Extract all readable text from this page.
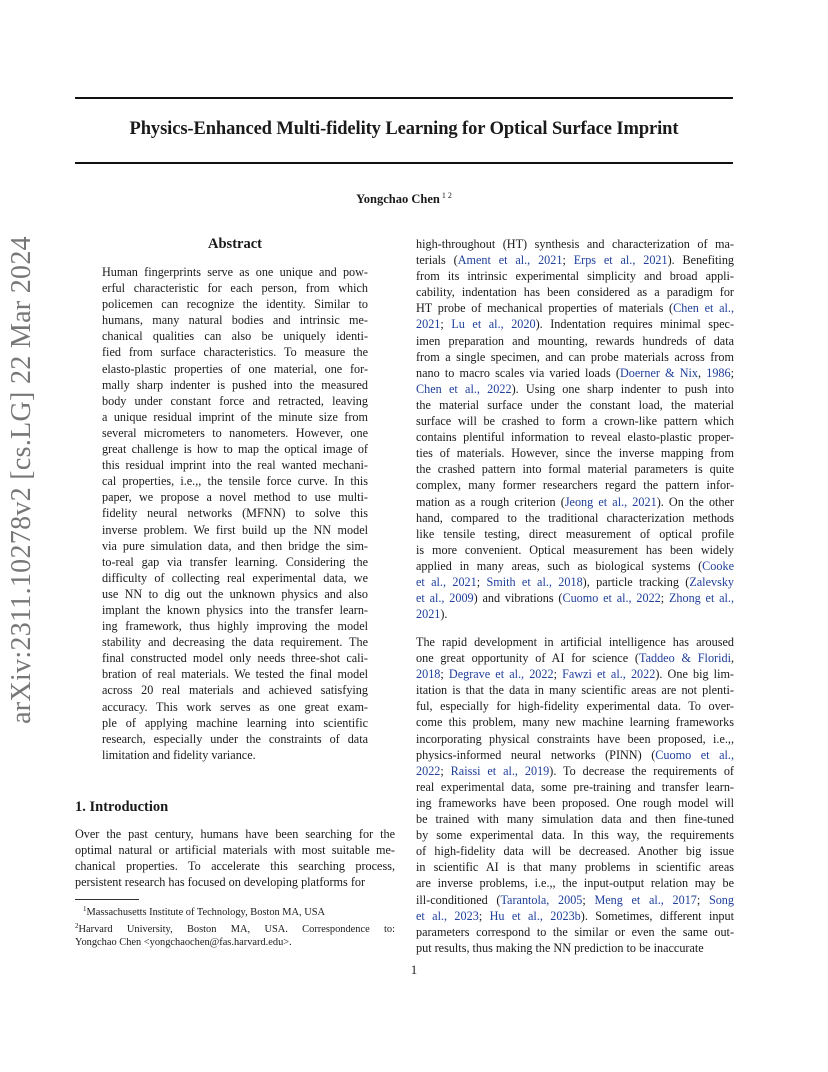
Physics-Enhanced Multi-fidelity Learning for Optical Surface Imprint
Yongchao Chen $^{1 2}$
arXiv:2311.10278v2 [cs.LG] 22 Mar 2024	Abstract
Human fingerprints serve as one unique and pow-
erful characteristic for each person, from which
policemen can recognize the identity. Similar to
humans, many natural bodies and intrinsic me-
chanical qualities can also be uniquely identi-
fied from surface characteristics. To measure the
elasto-plastic properties of one material, one for-
mally sharp indenter is pushed into the measured
body under constant force and retracted, leaving
a unique residual imprint of the minute size from
several micrometers to nanometers. However, one
great challenge is how to map the optical image of
this residual imprint into the real wanted mechani-
cal properties, i.e.,, the tensile force curve. In this
paper, we propose a novel method to use multi-
fidelity neural networks (MFNN) to solve this
inverse problem. We first build up the NN model
via pure simulation data, and then bridge the sim-
to-real gap via transfer learning. Considering the
difficulty of collecting real experimental data, we
use NN to dig out the unknown physics and also
implant the known physics into the transfer learn-
ing framework, thus highly improving the model
stability and decreasing the data requirement. The
final constructed model only needs three-shot cali-
bration of real materials. We tested the final model
across 20 real materials and achieved satisfying
accuracy. This work serves as one great exam-
ple of applying machine learning into scientific
research, especially under the constraints of data
limitation and fidelity variance.
1. Introduction
Over the past century, humans have been searching for the
optimal natural or artificial materials with most suitable me-
chanical properties. To accelerate this searching process,
persistent research has focused on developing platforms for
$^1$Massachusetts Institute of Technology, Boston MA, USA
$^2$Harvard University, Boston MA, USA. Correspondence to:
Yongchao Chen <yongchaochen@fas.harvard.edu>.
high-throughout (HT) synthesis and characterization of ma-
terials (Ament et al., 2021; Erps et al., 2021). Benefiting
from its intrinsic experimental simplicity and broad appli-
cability, indentation has been considered as a paradigm for
HT probe of mechanical properties of materials (Chen et al.,
2021; Lu et al., 2020). Indentation requires minimal spec-
imen preparation and mounting, rewards hundreds of data
from a single specimen, and can probe materials across from
nano to macro scales via varied loads (Doerner & Nix, 1986;
Chen et al., 2022). Using one sharp indenter to push into
the material surface under the constant load, the material
surface will be crashed to form a crown-like pattern which
contains plentiful information to reveal elasto-plastic proper-
ties of materials. However, since the inverse mapping from
the crashed pattern into formal material parameters is quite
complex, many former researchers regard the pattern infor-
mation as a rough criterion (Jeong et al., 2021). On the other
hand, compared to the traditional characterization methods
like tensile testing, direct measurement of optical profile
is more convenient. Optical measurement has been widely
applied in many areas, such as biological systems (Cooke
et al., 2021; Smith et al., 2018), particle tracking (Zalevsky
et al., 2009) and vibrations (Cuomo et al., 2022; Zhong et al.,
2021).
The rapid development in artificial intelligence has aroused
one great opportunity of AI for science (Taddeo & Floridi,
2018; Degrave et al., 2022; Fawzi et al., 2022). One big lim-
itation is that the data in many scientific areas are not plenti-
ful, especially for high-fidelity experimental data. To over-
come this problem, many new machine learning frameworks
incorporating physical constraints have been proposed, i.e.,,
physics-informed neural networks (PINN) (Cuomo et al.,
2022; Raissi et al., 2019). To decrease the requirements of
real experimental data, some pre-training and transfer learn-
ing frameworks have been proposed. One rough model will
be trained with many simulation data and then fine-tuned
by some experimental data. In this way, the requirements
of high-fidelity data will be decreased. Another big issue
in scientific AI is that many problems in scientific areas
are inverse problems, i.e.,, the input-output relation may be
ill-conditioned (Tarantola, 2005; Meng et al., 2017; Song
et al., 2023; Hu et al., 2023b). Sometimes, different input
parameters correspond to the similar or even the same out-
put results, thus making the NN prediction to be inaccurate
1
